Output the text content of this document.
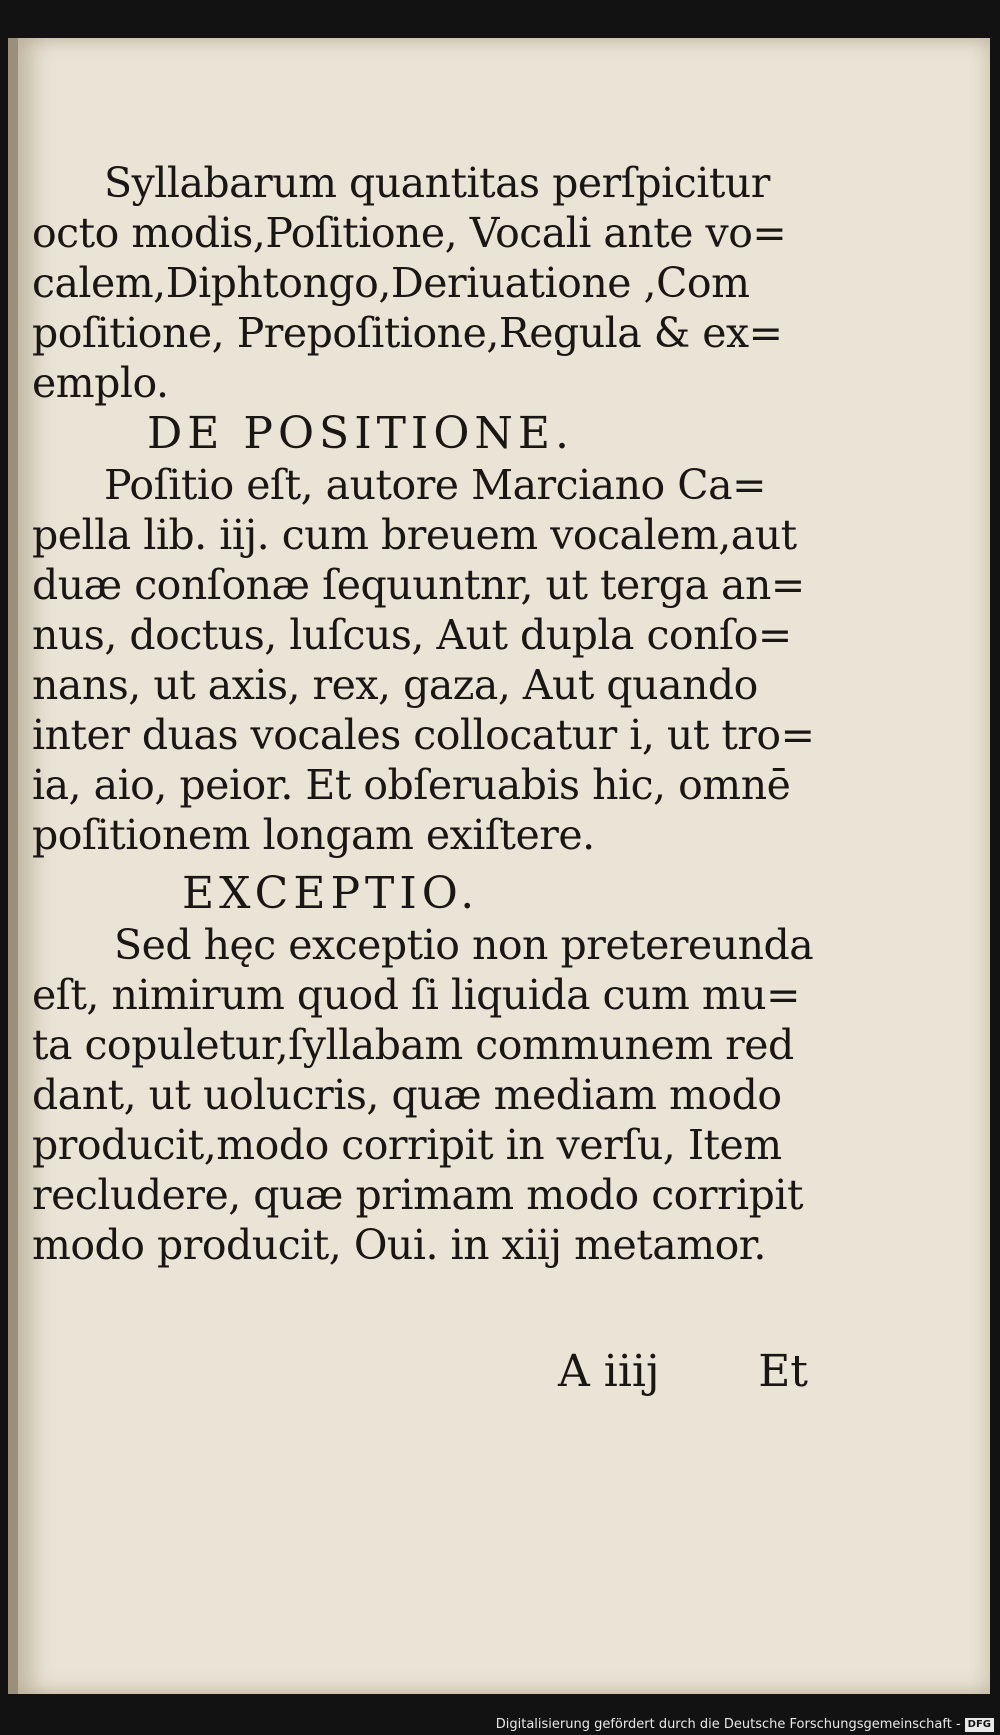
Syllabarum quantitas perſpicitur
octo modis,Poſitione, Vocali ante vo=
calem,Diphtongo,Deriuatione ,Com
poſitione, Prepoſitione,Regula & ex=
emplo.
DE POSITIONE.
Poſitio eſt, autore Marciano Ca=
pella lib. iij. cum breuem vocalem,aut
duæ conſonæ ſequuntnr, ut terga an=
nus, doctus, luſcus, Aut dupla conſo=
nans, ut axis, rex, gaza, Aut quando
inter duas vocales collocatur i, ut tro=
ia, aio, peior. Et obſeruabis hic, omnē
poſitionem longam exiſtere.
EXCEPTIO.
Sed hęc exceptio non pretereunda
eſt, nimirum quod ſi liquida cum mu=
ta copuletur,ſyllabam communem red
dant, ut uolucris, quæ mediam modo
producit,modo corripit in verſu, Item
recludere, quæ primam modo corripit
modo producit, Oui. in xiij metamor.
A iiij Et
Digitalisierung gefördert durch die Deutsche Forschungsgemeinschaft - DFG
